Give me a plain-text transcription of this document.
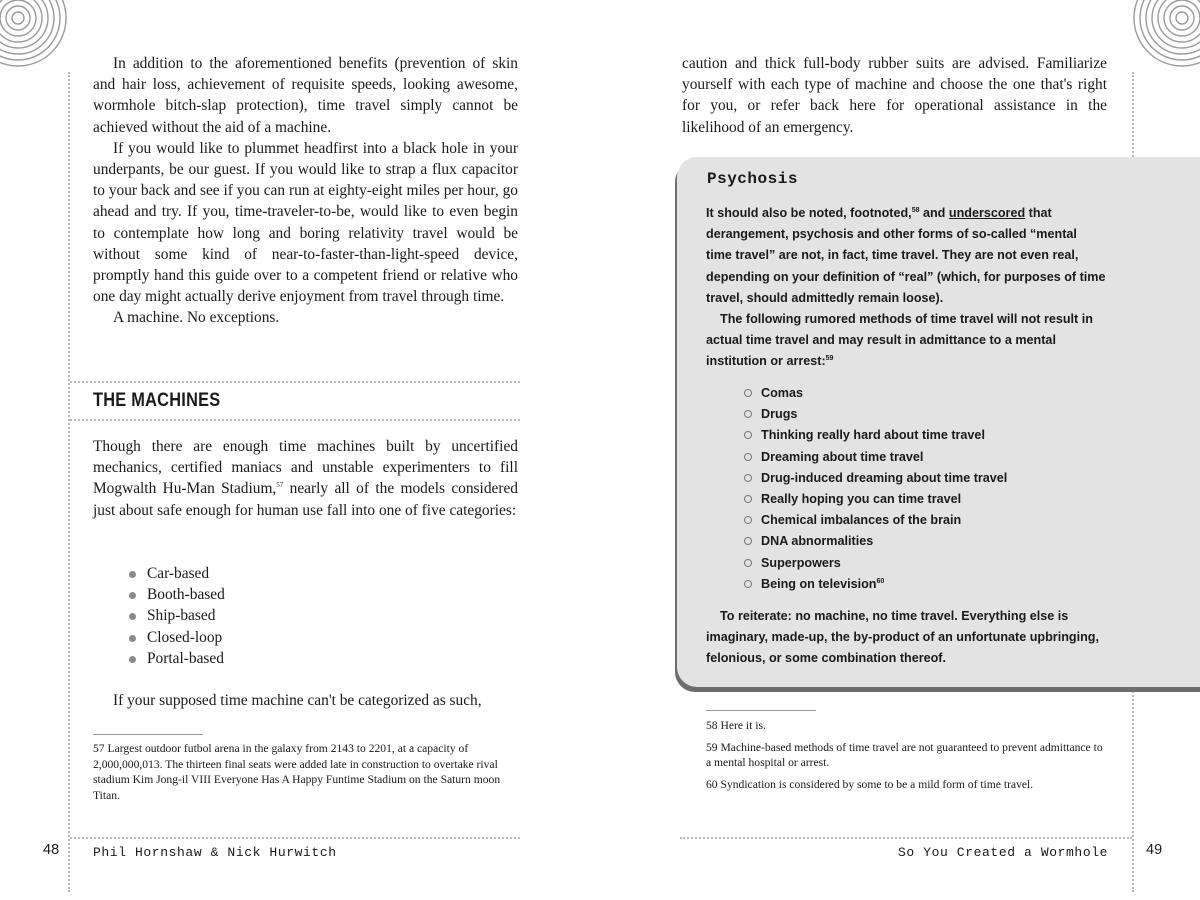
In addition to the aforementioned benefits (prevention of skin and hair loss, achievement of requisite speeds, looking awesome, wormhole bitch-slap protection), time travel simply cannot be achieved without the aid of a machine.

If you would like to plummet headfirst into a black hole in your underpants, be our guest. If you would like to strap a flux capacitor to your back and see if you can run at eighty-eight miles per hour, go ahead and try. If you, time-traveler-to-be, would like to even begin to contemplate how long and boring relativity travel would be without some kind of near-to-faster-than-light-speed device, promptly hand this guide over to a competent friend or relative who one day might actually derive enjoyment from travel through time.

A machine. No exceptions.

THE MACHINES

Though there are enough time machines built by uncertified mechanics, certified maniacs and unstable experimenters to fill Mogwalth Hu-Man Stadium,$^{57}$ nearly all of the models considered just about safe enough for human use fall into one of five categories:

Car-based
Booth-based
Ship-based
Closed-loop
Portal-based

If your supposed time machine can't be categorized as such,

57 Largest outdoor futbol arena in the galaxy from 2143 to 2201, at a capacity of 2,000,000,013. The thirteen final seats were added late in construction to overtake rival stadium Kim Jong-il VIII Everyone Has A Happy Funtime Stadium on the Saturn moon Titan.

48	Phil Hornshaw & Nick Hurwitch

caution and thick full-body rubber suits are advised. Familiarize yourself with each type of machine and choose the one that's right for you, or refer back here for operational assistance in the likelihood of an emergency.

Psychosis

It should also be noted, footnoted,$^{58}$ and underscored that derangement, psychosis and other forms of so-called “mental time travel” are not, in fact, time travel. They are not even real, depending on your definition of “real” (which, for purposes of time travel, should admittedly remain loose).

The following rumored methods of time travel will not result in actual time travel and may result in admittance to a mental institution or arrest:$^{59}$

Comas
Drugs
Thinking really hard about time travel
Dreaming about time travel
Drug-induced dreaming about time travel
Really hoping you can time travel
Chemical imbalances of the brain
DNA abnormalities
Superpowers
Being on television$^{60}$

To reiterate: no machine, no time travel. Everything else is imaginary, made-up, the by-product of an unfortunate upbringing, felonious, or some combination thereof.

58 Here it is.

59 Machine-based methods of time travel are not guaranteed to prevent admittance to a mental hospital or arrest.

60 Syndication is considered by some to be a mild form of time travel.

So You Created a Wormhole	49
